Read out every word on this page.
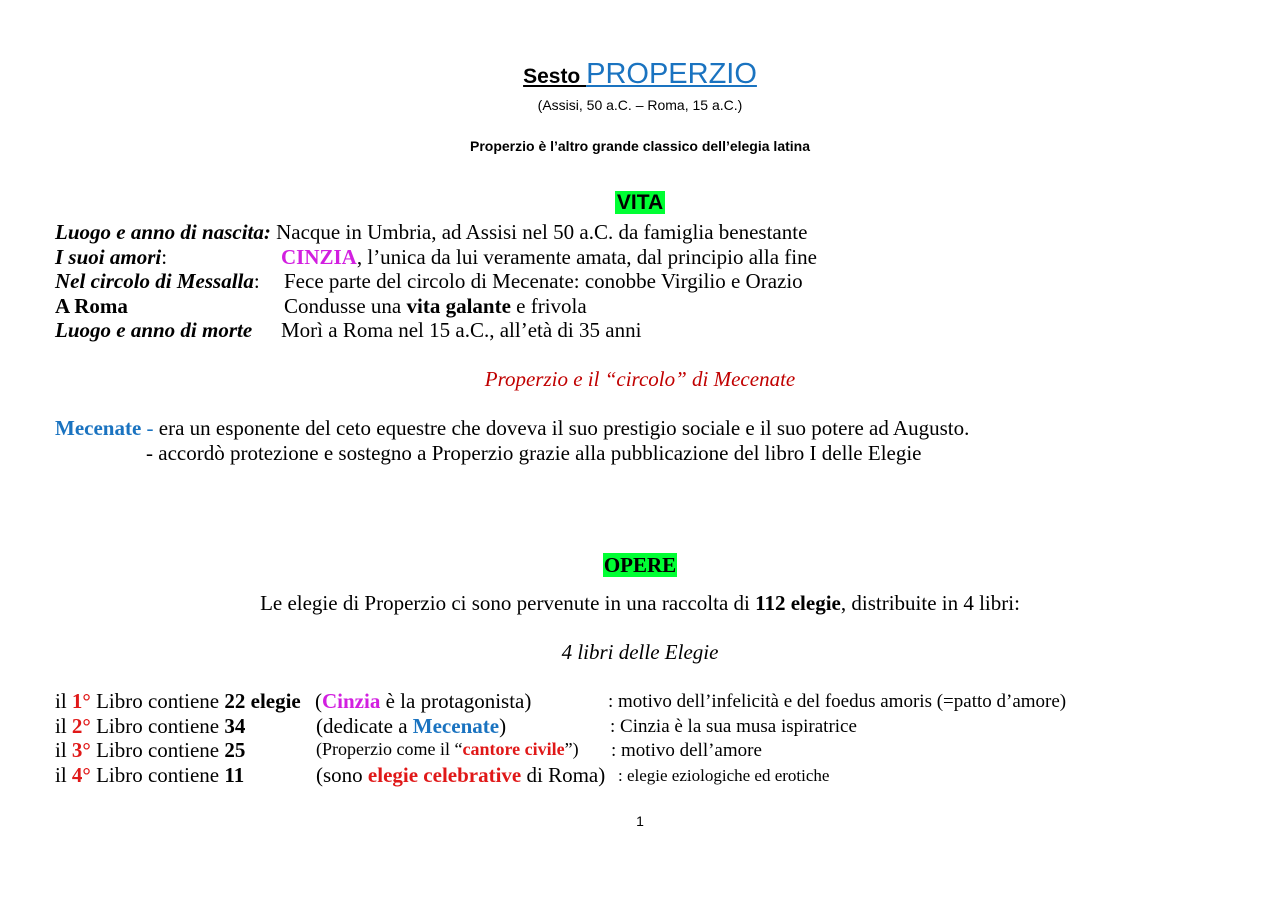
Sesto PROPERZIO
(Assisi, 50 a.C. – Roma, 15 a.C.)
Properzio è l’altro grande classico dell’elegia latina
VITA
Luogo e anno di nascita: Nacque in Umbria, ad Assisi nel 50 a.C. da famiglia benestante
I suoi amori:	CINZIA, l’unica da lui veramente amata, dal principio alla fine
Nel circolo di Messalla: Fece parte del circolo di Mecenate: conobbe Virgilio e Orazio
A Roma	Condusse una vita galante e frivola
Luogo e anno di morte Morì a Roma nel 15 a.C., all’età di 35 anni
Properzio e il “circolo” di Mecenate
Mecenate - era un esponente del ceto equestre che doveva il suo prestigio sociale e il suo potere ad Augusto.
- accordò protezione e sostegno a Properzio grazie alla pubblicazione del libro I delle Elegie
OPERE
Le elegie di Properzio ci sono pervenute in una raccolta di 112 elegie, distribuite in 4 libri:
4 libri delle Elegie
il 1° Libro contiene 22 elegie (Cinzia è la protagonista)	: motivo dell’infelicità e del foedus amoris (=patto d’amore)
il 2° Libro contiene 34	(dedicate a Mecenate)	: Cinzia è la sua musa ispiratrice
il 3° Libro contiene 25	(Properzio come il “cantore civile”) : motivo dell’amore
il 4° Libro contiene 11	(sono elegie celebrative di Roma) : elegie eziologiche ed erotiche
1
